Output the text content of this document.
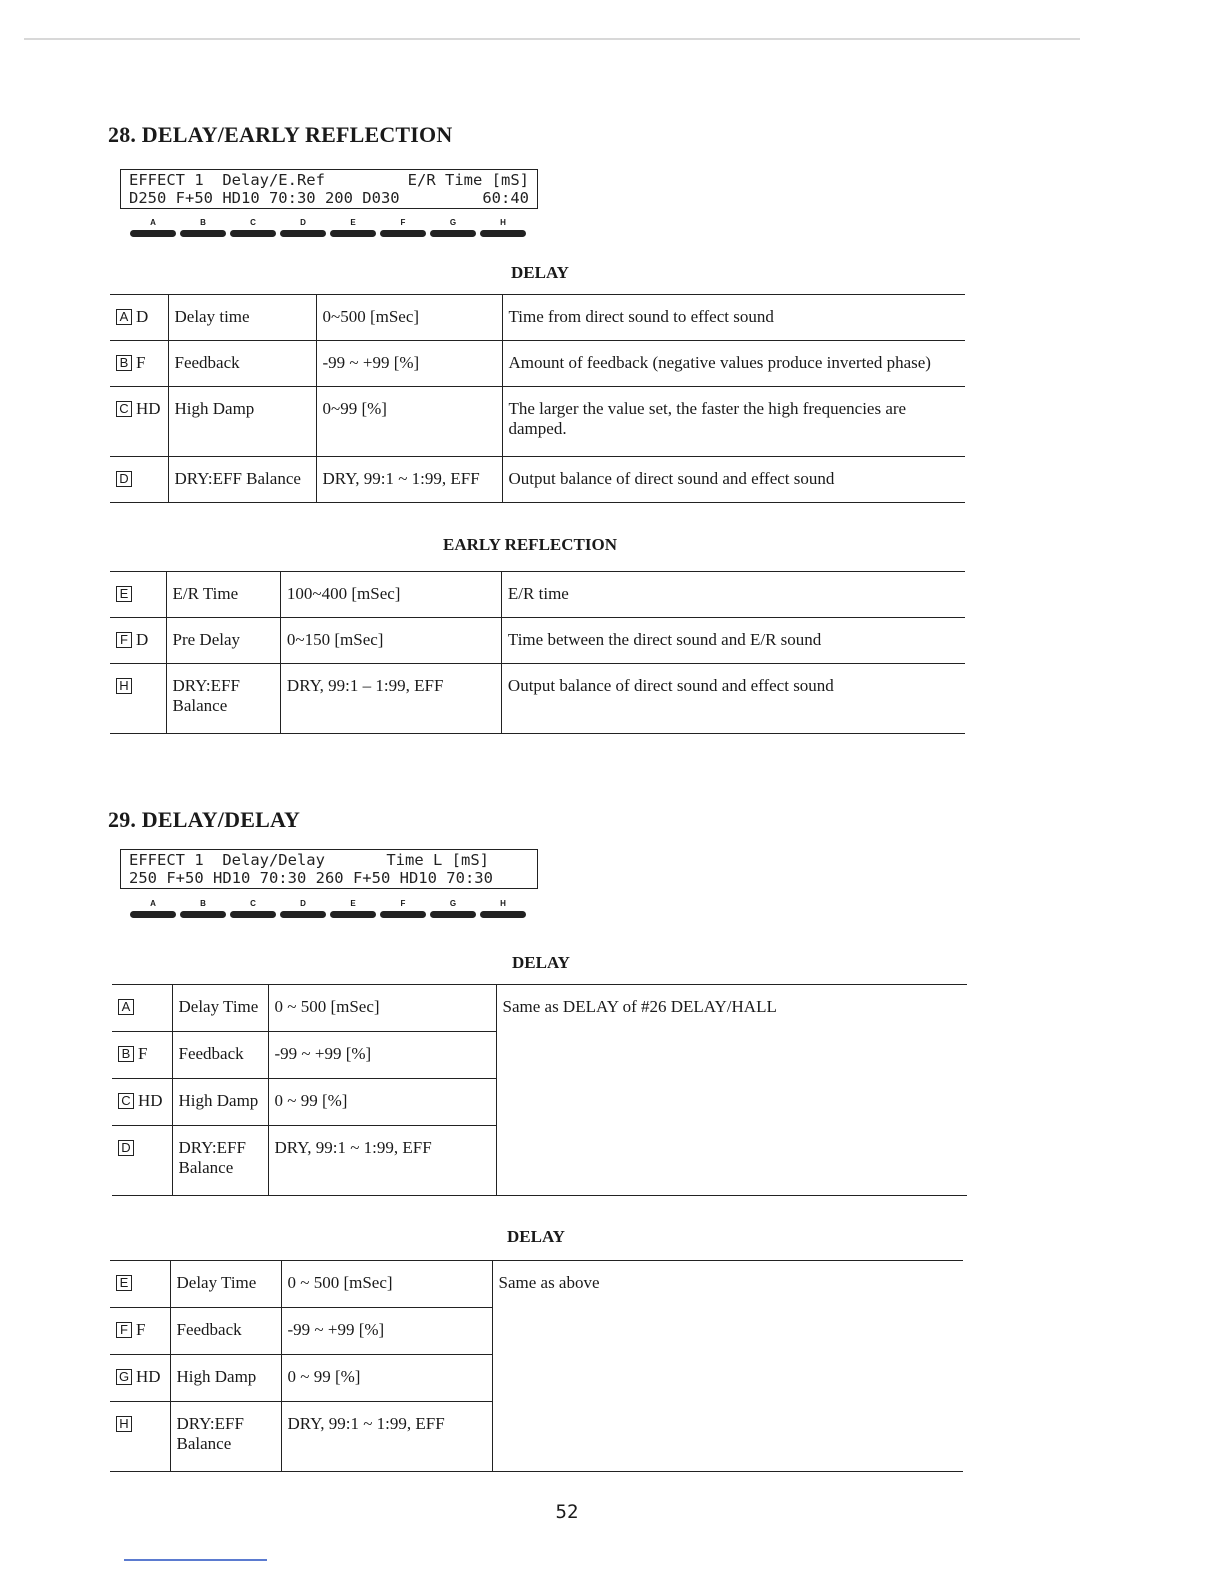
28. DELAY/EARLY REFLECTION
EFFECT 1  Delay/E.Ref	E/R Time [mS]
D250 F+50 HD10 70:30 200 D030	60:40
A	B	C	D	E	F	G	H
DELAY
A D	Delay time	0~500 [mSec]	Time from direct sound to effect sound
B F	Feedback	-99 ~ +99 [%]	Amount of feedback (negative values produce inverted phase)
C HD	High Damp	0~99 [%]	The larger the value set, the faster the high frequencies are damped.
D	DRY:EFF Balance	DRY, 99:1 ~ 1:99, EFF	Output balance of direct sound and effect sound
EARLY REFLECTION
E	E/R Time	100~400 [mSec]	E/R time
F D	Pre Delay	0~150 [mSec]	Time between the direct sound and E/R sound
H	DRY:EFF Balance	DRY, 99:1 – 1:99, EFF	Output balance of direct sound and effect sound
29. DELAY/DELAY
EFFECT 1  Delay/Delay	Time L [mS]
250 F+50 HD10 70:30 260 F+50 HD10 70:30
A	B	C	D	E	F	G	H
DELAY
A	Delay Time	0 ~ 500 [mSec]	Same as DELAY of #26 DELAY/HALL
B F	Feedback	-99 ~ +99 [%]	
C HD	High Damp	0 ~ 99 [%]	
D	DRY:EFF Balance	DRY, 99:1 ~ 1:99, EFF	
DELAY
E	Delay Time	0 ~ 500 [mSec]	Same as above
F F	Feedback	-99 ~ +99 [%]	
G HD	High Damp	0 ~ 99 [%]	
H	DRY:EFF Balance	DRY, 99:1 ~ 1:99, EFF	
52
